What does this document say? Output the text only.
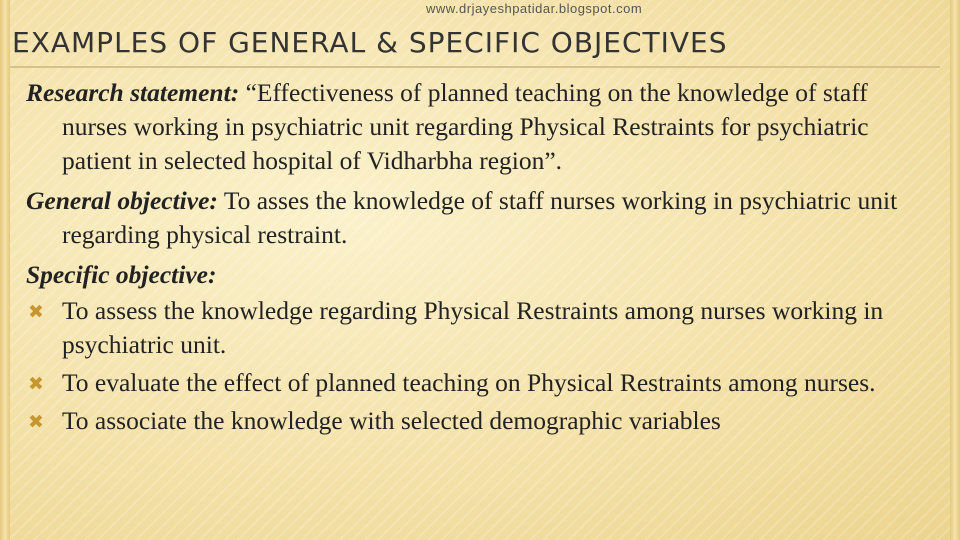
www.drjayeshpatidar.blogspot.com
EXAMPLES OF GENERAL & SPECIFIC OBJECTIVES

Research statement: “Effectiveness of planned teaching on the knowledge of staff nurses working in psychiatric unit regarding Physical Restraints for psychiatric patient in selected hospital of Vidharbha region”.

General objective: To asses the knowledge of staff nurses working in psychiatric unit regarding physical restraint.

Specific objective:

✖ To assess the knowledge regarding Physical Restraints among nurses working in psychiatric unit.
✖ To evaluate the effect of planned teaching on Physical Restraints among nurses.
✖ To associate the knowledge with selected demographic variables
